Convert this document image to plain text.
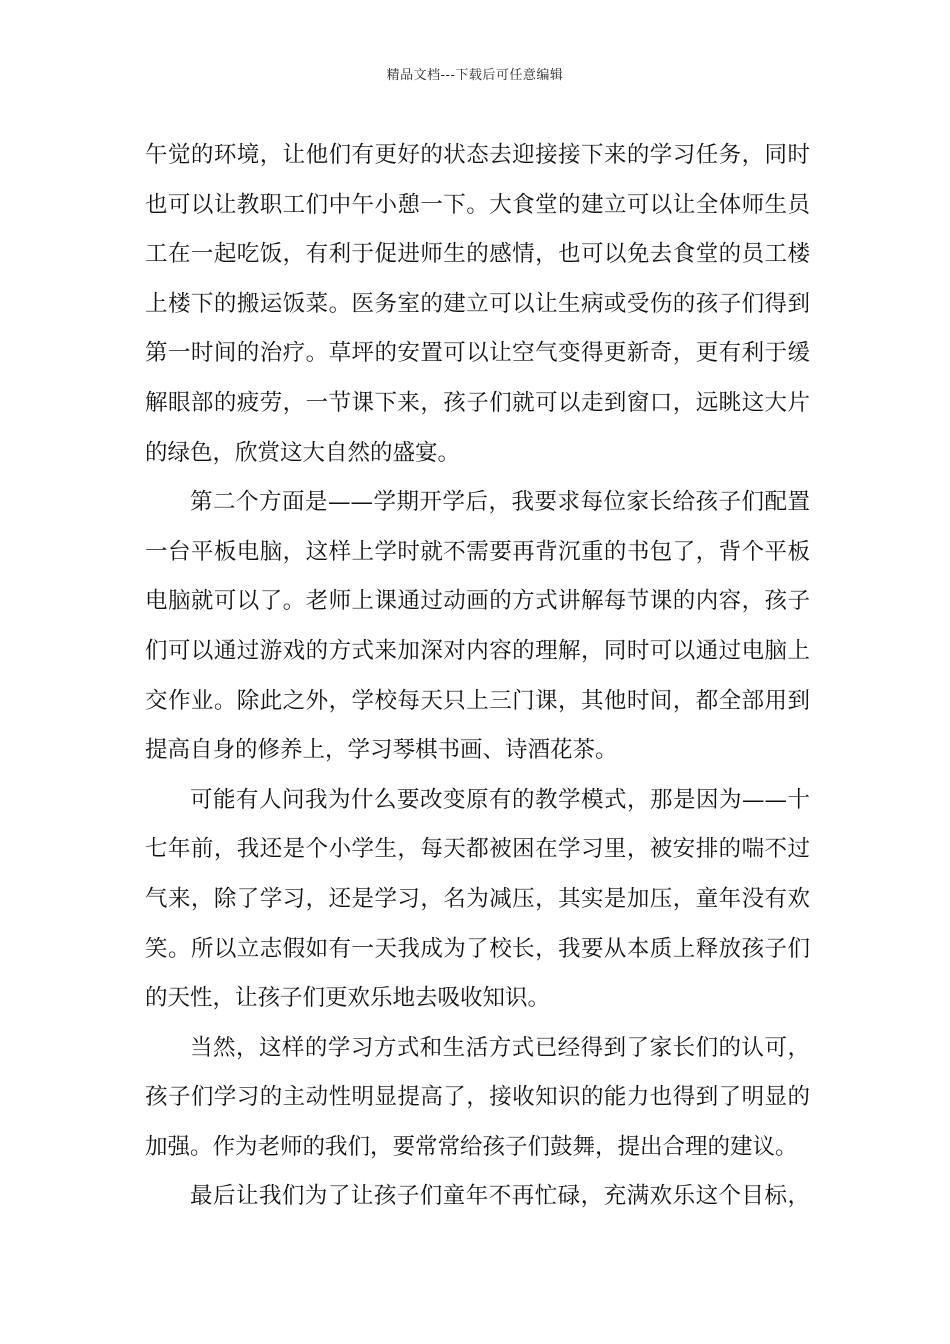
精品文档---下载后可任意编辑
午觉的环境，让他们有更好的状态去迎接接下来的学习任务，同时
也可以让教职工们中午小憩一下。大食堂的建立可以让全体师生员
工在一起吃饭，有利于促进师生的感情，也可以免去食堂的员工楼
上楼下的搬运饭菜。医务室的建立可以让生病或受伤的孩子们得到
第一时间的治疗。草坪的安置可以让空气变得更新奇，更有利于缓
解眼部的疲劳，一节课下来，孩子们就可以走到窗口，远眺这大片
的绿色，欣赏这大自然的盛宴。
第二个方面是——学期开学后，我要求每位家长给孩子们配置
一台平板电脑，这样上学时就不需要再背沉重的书包了，背个平板
电脑就可以了。老师上课通过动画的方式讲解每节课的内容，孩子
们可以通过游戏的方式来加深对内容的理解，同时可以通过电脑上
交作业。除此之外，学校每天只上三门课，其他时间，都全部用到
提高自身的修养上，学习琴棋书画、诗酒花茶。
可能有人问我为什么要改变原有的教学模式，那是因为——十
七年前，我还是个小学生，每天都被困在学习里，被安排的喘不过
气来，除了学习，还是学习，名为减压，其实是加压，童年没有欢
笑。所以立志假如有一天我成为了校长，我要从本质上释放孩子们
的天性，让孩子们更欢乐地去吸收知识。
当然，这样的学习方式和生活方式已经得到了家长们的认可，
孩子们学习的主动性明显提高了，接收知识的能力也得到了明显的
加强。作为老师的我们，要常常给孩子们鼓舞，提出合理的建议。
最后让我们为了让孩子们童年不再忙碌，充满欢乐这个目标，
